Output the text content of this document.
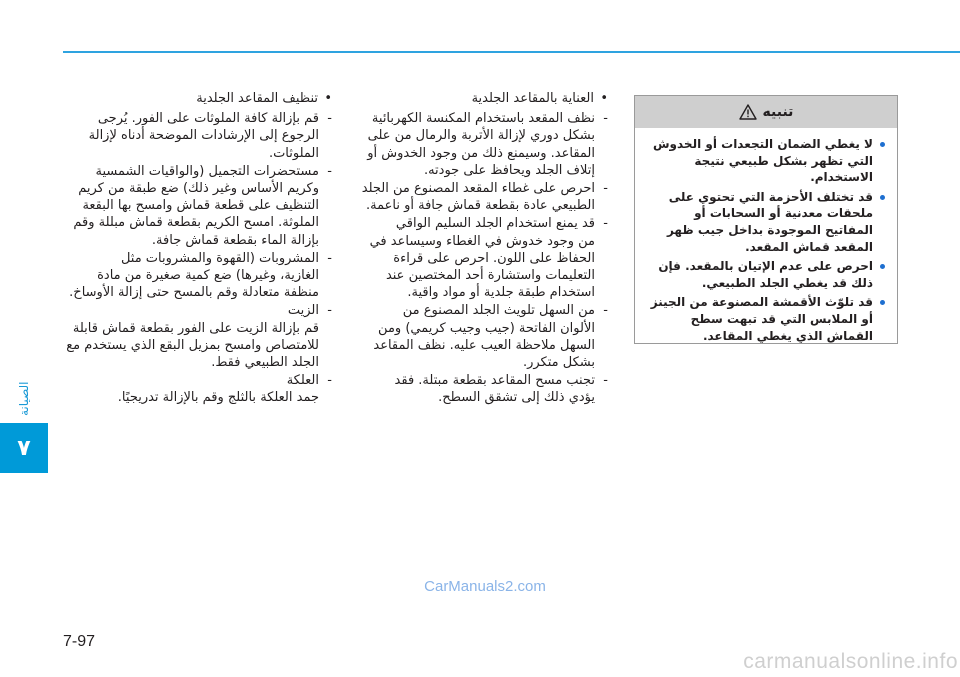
الصيانة
٧
تنبيه
لا يغطي الضمان التجعدات أو الخدوش التي تظهر بشكل طبيعي نتيجة الاستخدام.
قد تختلف الأحزمة التي تحتوي على ملحقات معدنية أو السحابات أو المفاتيح الموجودة بداخل جيب ظهر المقعد قماش المقعد.
احرص على عدم الإتيان بالمقعد. فإن ذلك قد يغطي الجلد الطبيعي.
قد تلوّث الأقمشة المصنوعة من الجينز أو الملابس التي قد تبهت سطح القماش الذي يغطي المقاعد.
• العناية بالمقاعد الجلدية
- نظف المقعد باستخدام المكنسة الكهربائية
بشكل دوري لإزالة الأتربة والرمال من على المقاعد. وسيمنع ذلك من وجود الخدوش أو إتلاف الجلد ويحافظ على جودته.
- احرص على غطاء المقعد المصنوع من الجلد
الطبيعي عادة بقطعة قماش جافة أو ناعمة.
- قد يمنع استخدام الجلد السليم الواقي
من وجود خدوش في الغطاء وسيساعد في الحفاظ على اللون. احرص على قراءة التعليمات واستشارة أحد المختصين عند استخدام طبقة جلدية أو مواد واقية.
- من السهل تلويث الجلد المصنوع من
الألوان الفاتحة (جيب وجيب كريمي) ومن السهل ملاحظة العيب عليه. نظف المقاعد بشكل متكرر.
- تجنب مسح المقاعد بقطعة مبتلة. فقد
يؤدي ذلك إلى تشقق السطح.
• تنظيف المقاعد الجلدية
- قم بإزالة كافة الملوثات على الفور. يُرجى
الرجوع إلى الإرشادات الموضحة أدناه لإزالة الملوثات.
- مستحضرات التجميل (والواقيات الشمسية
وكريم الأساس وغير ذلك) ضع طبقة من كريم التنظيف على قطعة قماش وامسح بها البقعة الملوثة. امسح الكريم بقطعة قماش مبللة وقم بإزالة الماء بقطعة قماش جافة.
- المشروبات (القهوة والمشروبات مثل
الغازية، وغيرها) ضع كمية صغيرة من مادة منظفة متعادلة وقم بالمسح حتى إزالة الأوساخ.
- الزيت
قم بإزالة الزيت على الفور بقطعة قماش قابلة للامتصاص وامسح بمزيل البقع الذي يستخدم مع الجلد الطبيعي فقط.
- العلكة
جمد العلكة بالثلج وقم بالإزالة تدريجيًا.
CarManuals2.com
7-97
carmanualsonline.info
